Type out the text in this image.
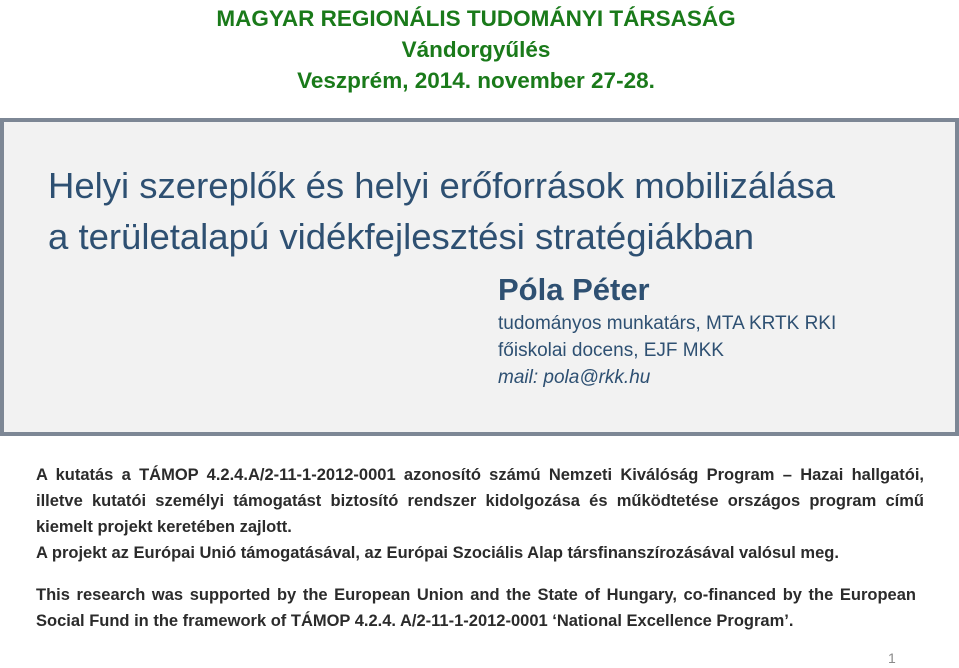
MAGYAR REGIONÁLIS TUDOMÁNYI TÁRSASÁG
Vándorgyűlés
Veszprém, 2014. november 27-28.
Helyi szereplők és helyi erőforrások mobilizálása
a területalapú vidékfejlesztési stratégiákban
Póla Péter
tudományos munkatárs, MTA KRTK RKI
főiskolai docens, EJF MKK
mail: pola@rkk.hu
A kutatás a TÁMOP 4.2.4.A/2-11-1-2012-0001 azonosító számú Nemzeti Kiválóság Program – Hazai hallgatói, illetve kutatói személyi támogatást biztosító rendszer kidolgozása és működtetése országos program című kiemelt projekt keretében zajlott.
A projekt az Európai Unió támogatásával, az Európai Szociális Alap társfinanszírozásával valósul meg.
This research was supported by the European Union and the State of Hungary, co-financed by the European Social Fund in the framework of TÁMOP 4.2.4. A/2-11-1-2012-0001 ‘National Excellence Program’.
1
